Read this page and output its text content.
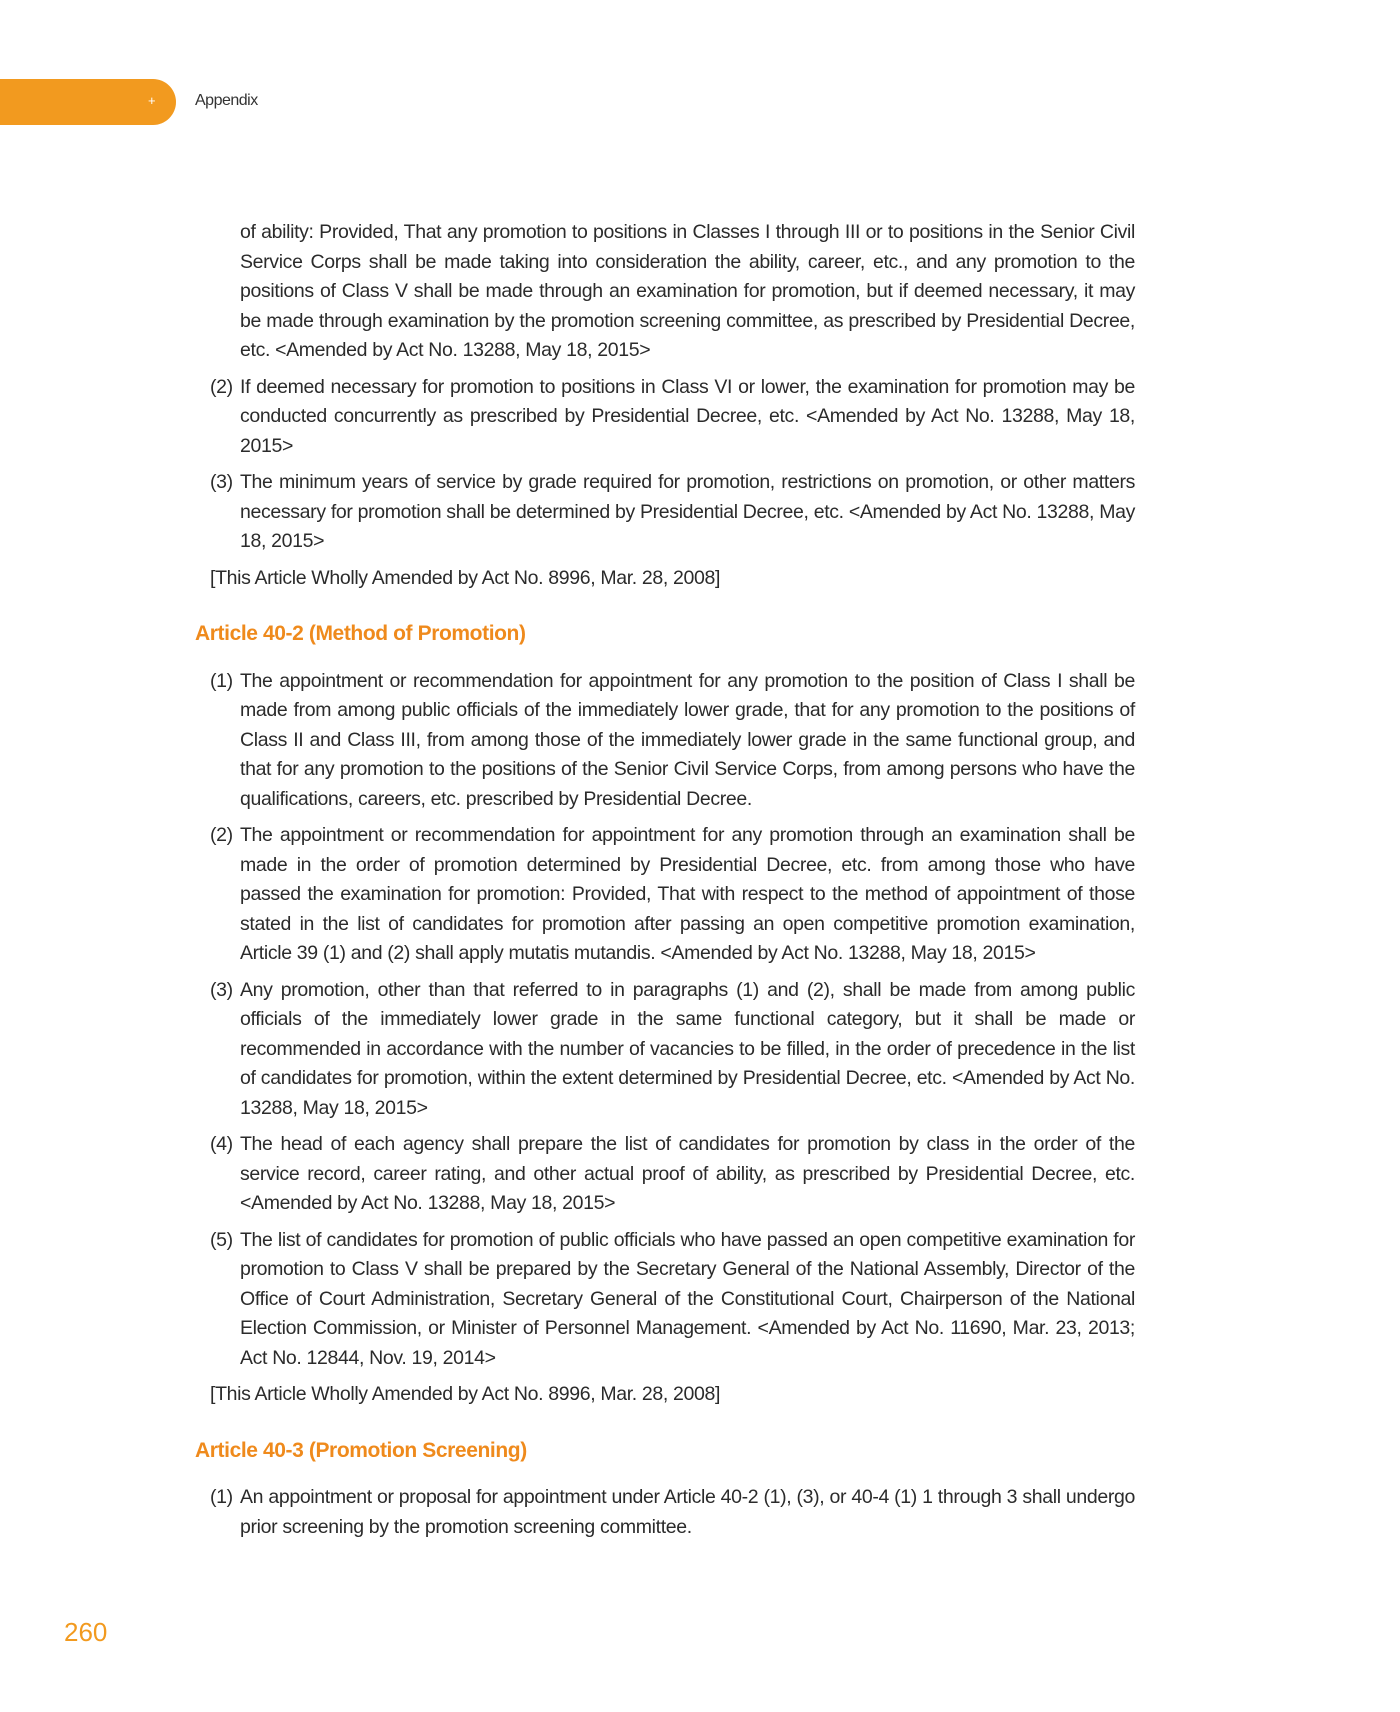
+ Appendix

of ability: Provided, That any promotion to positions in Classes I through III or to positions in the Senior Civil Service Corps shall be made taking into consideration the ability, career, etc., and any promotion to the positions of Class V shall be made through an examination for promotion, but if deemed necessary, it may be made through examination by the promotion screening committee, as prescribed by Presidential Decree, etc. <Amended by Act No. 13288, May 18, 2015>

(2) If deemed necessary for promotion to positions in Class VI or lower, the examination for promotion may be conducted concurrently as prescribed by Presidential Decree, etc. <Amended by Act No. 13288, May 18, 2015>
(3) The minimum years of service by grade required for promotion, restrictions on promotion, or other matters necessary for promotion shall be determined by Presidential Decree, etc. <Amended by Act No. 13288, May 18, 2015>

[This Article Wholly Amended by Act No. 8996, Mar. 28, 2008]

Article 40-2 (Method of Promotion)
(1) The appointment or recommendation for appointment for any promotion to the position of Class I shall be made from among public officials of the immediately lower grade, that for any promotion to the positions of Class II and Class III, from among those of the immediately lower grade in the same functional group, and that for any promotion to the positions of the Senior Civil Service Corps, from among persons who have the qualifications, careers, etc. prescribed by Presidential Decree.
(2) The appointment or recommendation for appointment for any promotion through an examination shall be made in the order of promotion determined by Presidential Decree, etc. from among those who have passed the examination for promotion: Provided, That with respect to the method of appointment of those stated in the list of candidates for promotion after passing an open competitive promotion examination, Article 39 (1) and (2) shall apply mutatis mutandis. <Amended by Act No. 13288, May 18, 2015>
(3) Any promotion, other than that referred to in paragraphs (1) and (2), shall be made from among public officials of the immediately lower grade in the same functional category, but it shall be made or recommended in accordance with the number of vacancies to be filled, in the order of precedence in the list of candidates for promotion, within the extent determined by Presidential Decree, etc. <Amended by Act No. 13288, May 18, 2015>
(4) The head of each agency shall prepare the list of candidates for promotion by class in the order of the service record, career rating, and other actual proof of ability, as prescribed by Presidential Decree, etc. <Amended by Act No. 13288, May 18, 2015>
(5) The list of candidates for promotion of public officials who have passed an open competitive examination for promotion to Class V shall be prepared by the Secretary General of the National Assembly, Director of the Office of Court Administration, Secretary General of the Constitutional Court, Chairperson of the National Election Commission, or Minister of Personnel Management. <Amended by Act No. 11690, Mar. 23, 2013; Act No. 12844, Nov. 19, 2014>

[This Article Wholly Amended by Act No. 8996, Mar. 28, 2008]

Article 40-3 (Promotion Screening)
(1) An appointment or proposal for appointment under Article 40-2 (1), (3), or 40-4 (1) 1 through 3 shall undergo prior screening by the promotion screening committee.
260
